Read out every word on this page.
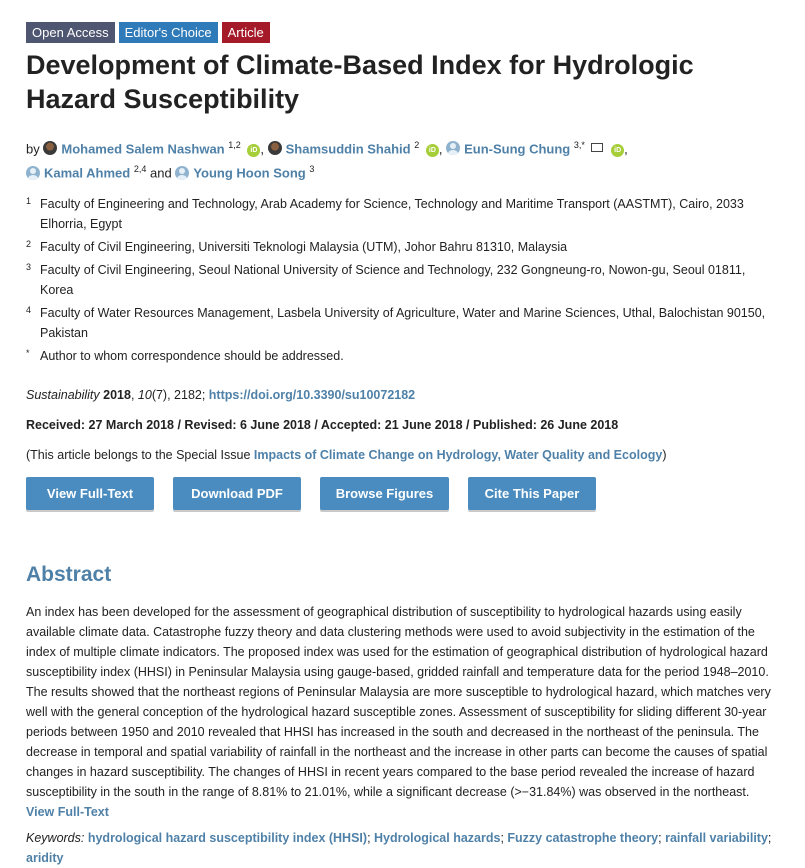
Open Access	Editor's Choice	Article
Development of Climate-Based Index for Hydrologic Hazard Susceptibility
by Mohamed Salem Nashwan $^{1,2}$ iD , Shamsuddin Shahid $^2$ iD , Eun-Sung Chung $^{3,*}$  iD ,
Kamal Ahmed $^{2,4}$ and Young Hoon Song $^3$
1 Faculty of Engineering and Technology, Arab Academy for Science, Technology and Maritime Transport (AASTMT), Cairo, 2033 Elhorria, Egypt
2 Faculty of Civil Engineering, Universiti Teknologi Malaysia (UTM), Johor Bahru 81310, Malaysia
3 Faculty of Civil Engineering, Seoul National University of Science and Technology, 232 Gongneung-ro, Nowon-gu, Seoul 01811, Korea
4 Faculty of Water Resources Management, Lasbela University of Agriculture, Water and Marine Sciences, Uthal, Balochistan 90150, Pakistan
* Author to whom correspondence should be addressed.
Sustainability 2018, 10(7), 2182; https://doi.org/10.3390/su10072182
Received: 27 March 2018 / Revised: 6 June 2018 / Accepted: 21 June 2018 / Published: 26 June 2018
(This article belongs to the Special Issue Impacts of Climate Change on Hydrology, Water Quality and Ecology)
View Full-Text	Download PDF	Browse Figures	Cite This Paper
Abstract
An index has been developed for the assessment of geographical distribution of susceptibility to hydrological hazards using easily available climate data. Catastrophe fuzzy theory and data clustering methods were used to avoid subjectivity in the estimation of the index of multiple climate indicators. The proposed index was used for the estimation of geographical distribution of hydrological hazard susceptibility index (HHSI) in Peninsular Malaysia using gauge-based, gridded rainfall and temperature data for the period 1948–2010. The results showed that the northeast regions of Peninsular Malaysia are more susceptible to hydrological hazard, which matches very well with the general conception of the hydrological hazard susceptible zones. Assessment of susceptibility for sliding different 30-year periods between 1950 and 2010 revealed that HHSI has increased in the south and decreased in the northeast of the peninsula. The decrease in temporal and spatial variability of rainfall in the northeast and the increase in other parts can become the causes of spatial changes in hazard susceptibility. The changes of HHSI in recent years compared to the base period revealed the increase of hazard susceptibility in the south in the range of 8.81% to 21.01%, while a significant decrease (>−31.84%) was observed in the northeast. View Full-Text
Keywords: hydrological hazard susceptibility index (HHSI); Hydrological hazards; Fuzzy catastrophe theory; rainfall variability; aridity
